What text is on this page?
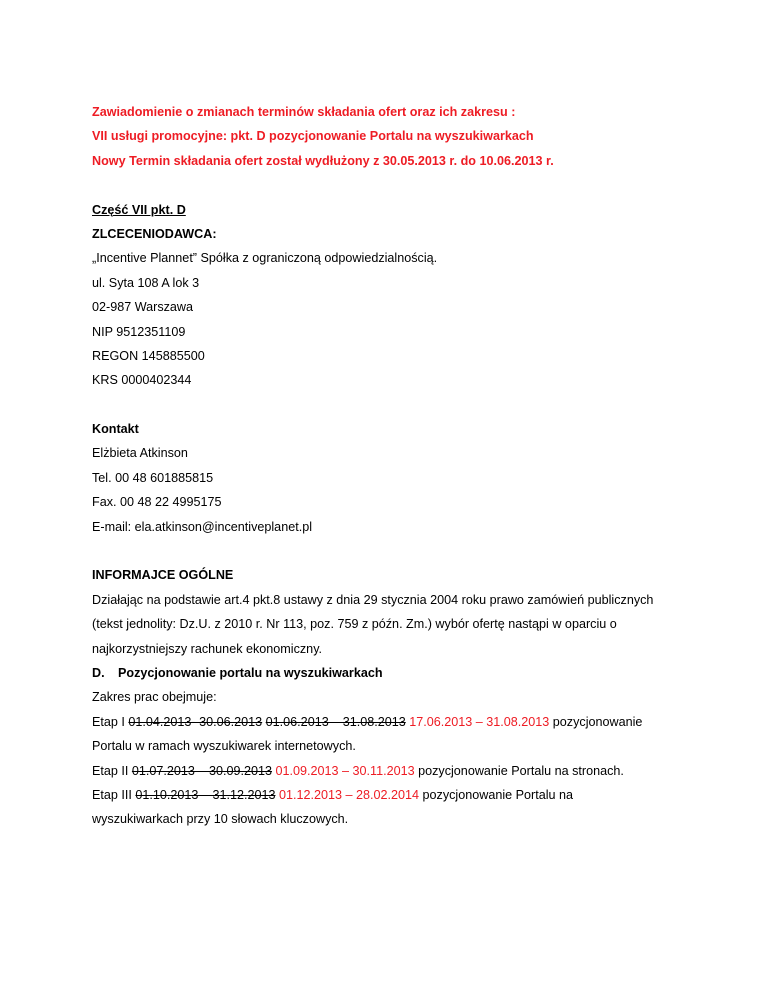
Zawiadomienie o zmianach terminów składania ofert oraz ich zakresu :
VII usługi promocyjne: pkt. D pozycjonowanie Portalu na wyszukiwarkach
Nowy Termin składania ofert został wydłużony z 30.05.2013 r. do 10.06.2013 r.
Część VII pkt. D
ZLCECENIODAWCA:
„Incentive Plannet” Spółka z ograniczoną odpowiedzialnością.
ul. Syta 108 A lok 3
02-987 Warszawa
NIP 9512351109
REGON 145885500
KRS 0000402344
Kontakt
Elżbieta Atkinson
Tel. 00 48 601885815
Fax. 00 48 22 4995175
E-mail: ela.atkinson@incentiveplanet.pl
INFORMAJCE OGÓLNE
Działając na podstawie art.4 pkt.8 ustawy z dnia 29 stycznia 2004 roku prawo zamówień publicznych
(tekst jednolity: Dz.U. z 2010 r. Nr 113, poz. 759 z późn. Zm.) wybór ofertę nastąpi w oparciu o
najkorzystniejszy rachunek ekonomiczny.
D. Pozycjonowanie portalu na wyszukiwarkach
Zakres prac obejmuje:
Etap I 01.04.2013- 30.06.2013 01.06.2013 – 31.08.2013 17.06.2013 – 31.08.2013 pozycjonowanie
Portalu w ramach wyszukiwarek internetowych.
Etap II 01.07.2013 – 30.09.2013 01.09.2013 – 30.11.2013 pozycjonowanie Portalu na stronach.
Etap III 01.10.2013 – 31.12.2013 01.12.2013 – 28.02.2014 pozycjonowanie Portalu na
wyszukiwarkach przy 10 słowach kluczowych.
